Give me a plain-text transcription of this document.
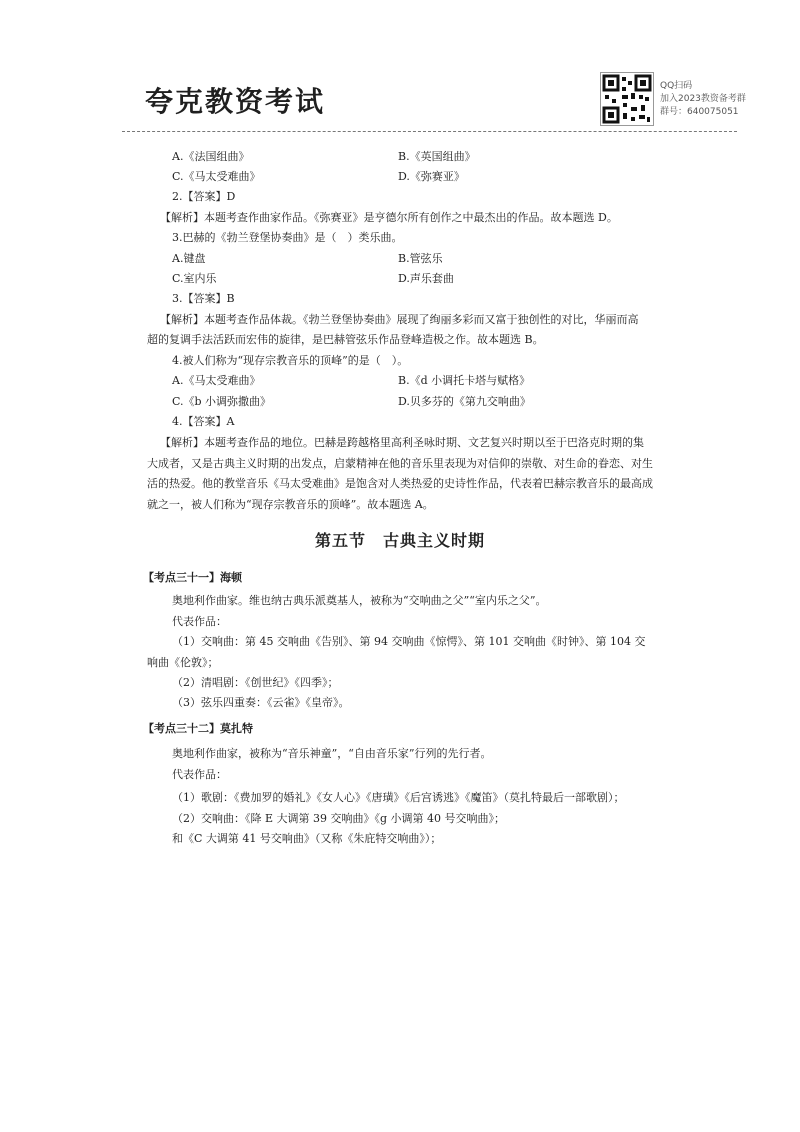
夸克教资考试	QQ扫码
加入2023教资备考群
群号：640075051
A.《法国组曲》	B.《英国组曲》
C.《马太受难曲》	D.《弥赛亚》
2.【答案】D
【解析】本题考查作曲家作品。《弥赛亚》是亨德尔所有创作之中最杰出的作品。故本题选 D。
3.巴赫的《勃兰登堡协奏曲》是（　）类乐曲。
A.键盘	B.管弦乐
C.室内乐	D.声乐套曲
3.【答案】B
【解析】本题考查作品体裁。《勃兰登堡协奏曲》展现了绚丽多彩而又富于独创性的对比，华丽而高
超的复调手法活跃而宏伟的旋律，是巴赫管弦乐作品登峰造极之作。故本题选 B。
4.被人们称为“现存宗教音乐的顶峰”的是（　）。
A.《马太受难曲》	B.《d 小调托卡塔与赋格》
C.《b 小调弥撒曲》	D.贝多芬的《第九交响曲》
4.【答案】A
【解析】本题考查作品的地位。巴赫是跨越格里高利圣咏时期、文艺复兴时期以至于巴洛克时期的集
大成者，又是古典主义时期的出发点，启蒙精神在他的音乐里表现为对信仰的崇敬、对生命的眷恋、对生
活的热爱。他的教堂音乐《马太受难曲》是饱含对人类热爱的史诗性作品，代表着巴赫宗教音乐的最高成
就之一，被人们称为“现存宗教音乐的顶峰”。故本题选 A。
第五节　古典主义时期
【考点三十一】海顿
奥地利作曲家。维也纳古典乐派奠基人，被称为“交响曲之父”“室内乐之父”。
代表作品：
（1）交响曲：第 45 交响曲《告别》、第 94 交响曲《惊愕》、第 101 交响曲《时钟》、第 104 交
响曲《伦敦》；
（2）清唱剧：《创世纪》《四季》；
（3）弦乐四重奏：《云雀》《皇帝》。
【考点三十二】莫扎特
奥地利作曲家，被称为“音乐神童”，“自由音乐家”行列的先行者。
代表作品：
（1）歌剧：《费加罗的婚礼》《女人心》《唐璜》《后宫诱逃》《魔笛》（莫扎特最后一部歌剧）；
（2）交响曲：《降 E 大调第 39 交响曲》《g 小调第 40 号交响曲》；
和《C 大调第 41 号交响曲》（又称《朱庇特交响曲》）；
